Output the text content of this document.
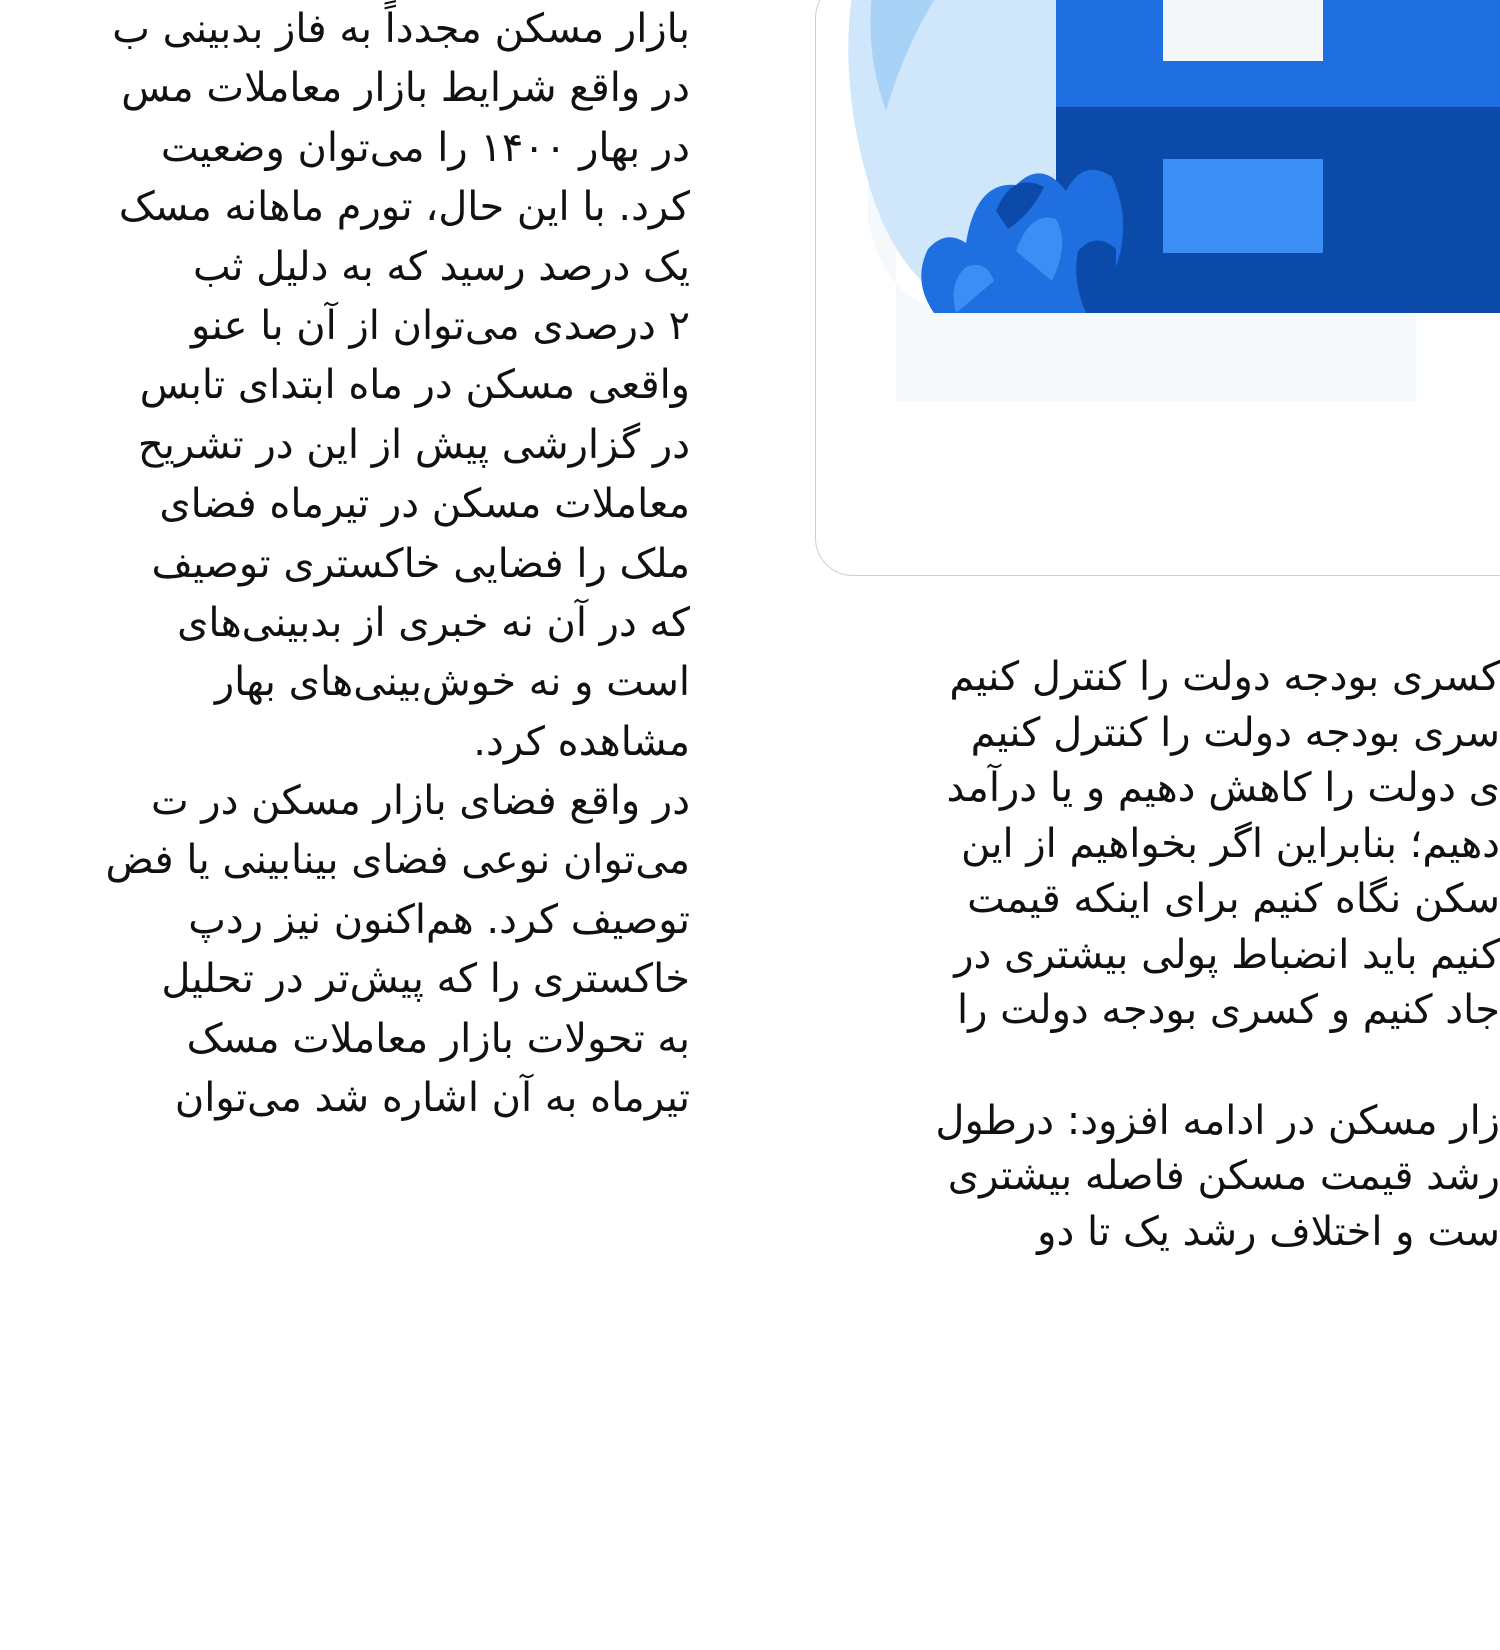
بازار مسکن مجدداً به فاز بدبینی ب
در واقع شرایط بازار معاملات مس
در بهار ۱۴۰۰ را می‌توان وضعیت
کرد. با این حال، تورم ماهانه مسک
یک درصد رسید که به دلیل ثب
۲ درصدی می‌توان از آن با عنو
واقعی مسکن در ماه ابتدای تابس
در گزارشی پیش از این در تشریح
معاملات مسکن در تیرماه فضای
ملک را فضایی خاکستری توصیف
که در آن نه خبری از بدبینی‌های
است و نه خوش‌بینی‌های بهار
مشاهده کرد.
در واقع فضای بازار مسکن در ت
می‌توان نوعی فضای بینابینی یا فض
توصیف کرد. هم‌اکنون نیز ردپ
خاکستری را که پیش‌تر در تحلیل
به تحولات بازار معاملات مسک
تیرماه به آن اشاره شد می‌توان
کسری بودجه دولت را کنترل کنیم
سری بودجه دولت را کنترل کنیم
ی دولت را کاهش دهیم و یا درآمد
دهیم؛ بنابراین اگر بخواهیم از این
سکن نگاه کنیم برای اینکه قیمت
کنیم باید انضباط پولی بیشتری در
جاد کنیم و کسری بودجه دولت را
زار مسکن در ادامه افزود: درطول
رشد قیمت مسکن فاصله بیشتری
ست و اختلاف رشد یک تا دو
